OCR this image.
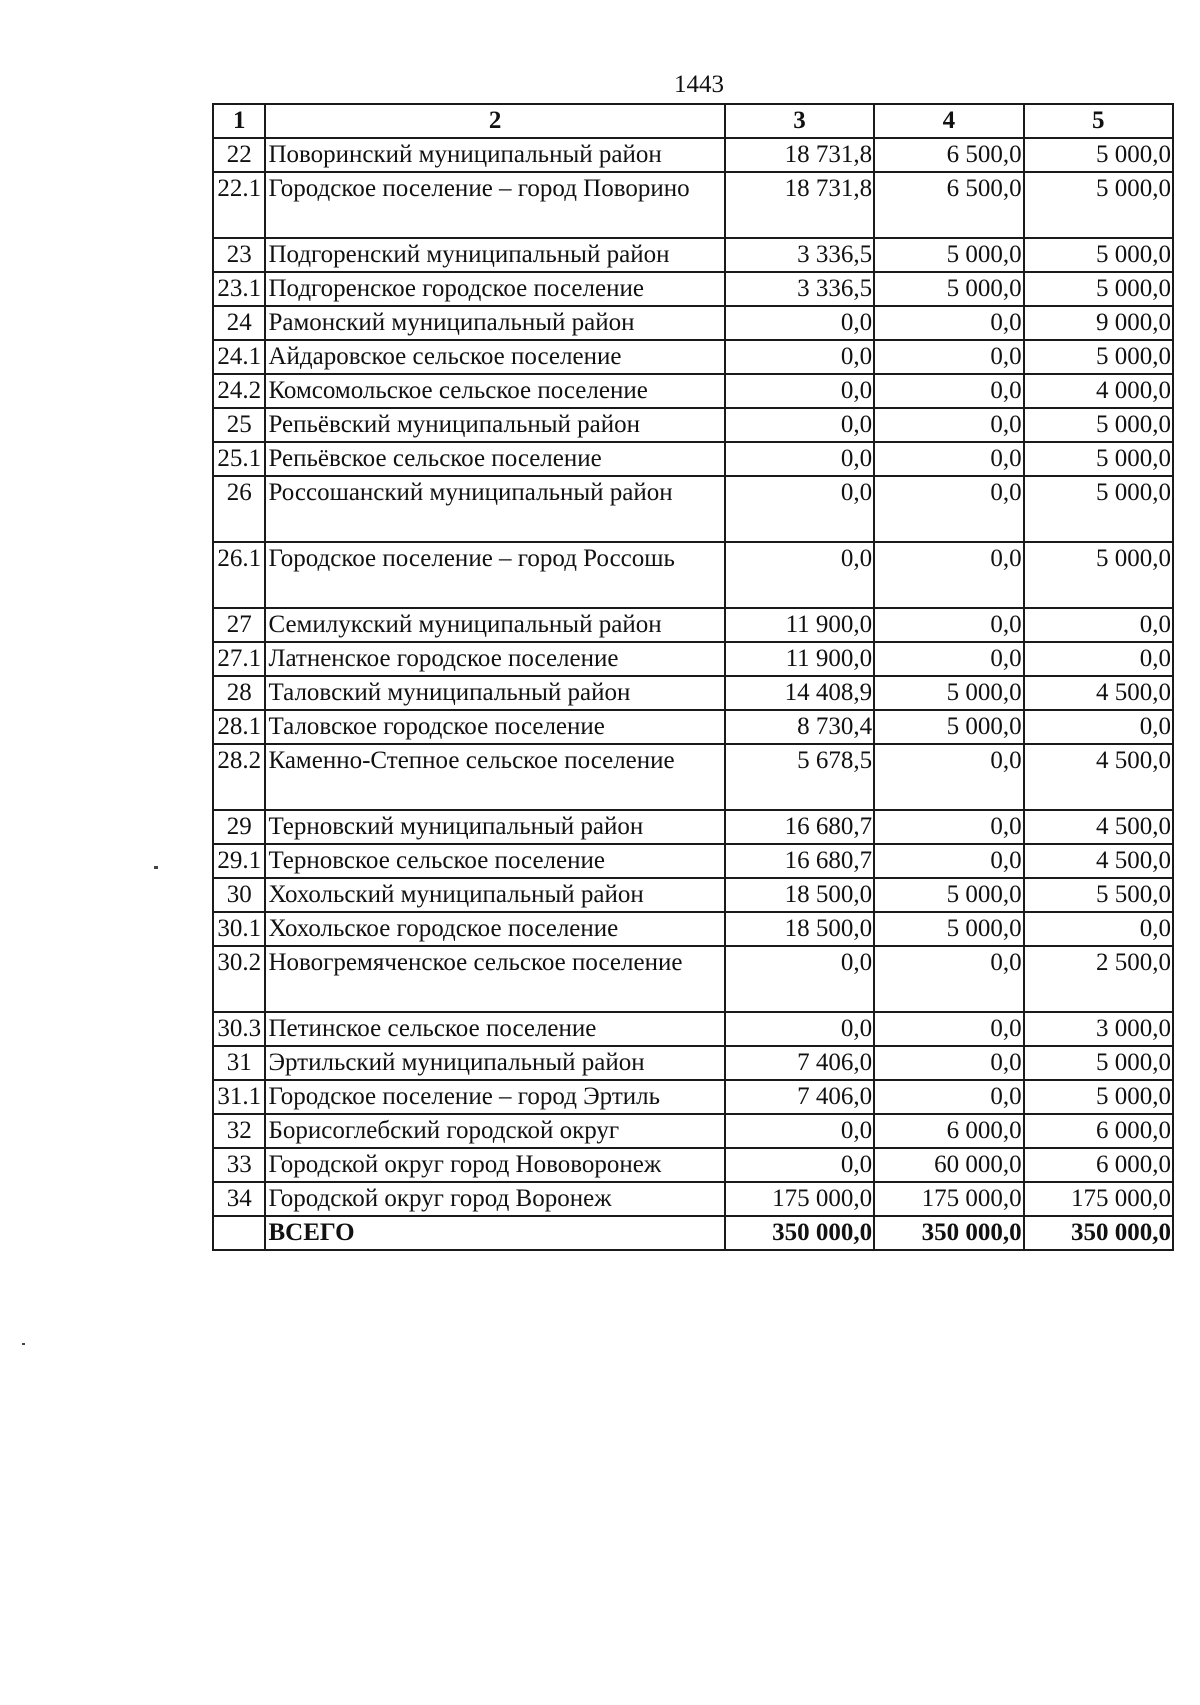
1443
1	2	3	4	5
22	Поворинский муниципальный район	18 731,8	6 500,0	5 000,0
22.1	Городское поселение – город Поворино	18 731,8	6 500,0	5 000,0
23	Подгоренский муниципальный район	3 336,5	5 000,0	5 000,0
23.1	Подгоренское городское поселение	3 336,5	5 000,0	5 000,0
24	Рамонский муниципальный район	0,0	0,0	9 000,0
24.1	Айдаровское сельское поселение	0,0	0,0	5 000,0
24.2	Комсомольское сельское поселение	0,0	0,0	4 000,0
25	Репьёвский муниципальный район	0,0	0,0	5 000,0
25.1	Репьёвское сельское поселение	0,0	0,0	5 000,0
26	Россошанский муниципальный район	0,0	0,0	5 000,0
26.1	Городское поселение – город Россошь	0,0	0,0	5 000,0
27	Семилукский муниципальный район	11 900,0	0,0	0,0
27.1	Латненское городское поселение	11 900,0	0,0	0,0
28	Таловский муниципальный район	14 408,9	5 000,0	4 500,0
28.1	Таловское городское поселение	8 730,4	5 000,0	0,0
28.2	Каменно-Степное сельское поселение	5 678,5	0,0	4 500,0
29	Терновский муниципальный район	16 680,7	0,0	4 500,0
29.1	Терновское сельское поселение	16 680,7	0,0	4 500,0
30	Хохольский муниципальный район	18 500,0	5 000,0	5 500,0
30.1	Хохольское городское поселение	18 500,0	5 000,0	0,0
30.2	Новогремяченское сельское поселение	0,0	0,0	2 500,0
30.3	Петинское сельское поселение	0,0	0,0	3 000,0
31	Эртильский муниципальный район	7 406,0	0,0	5 000,0
31.1	Городское поселение – город Эртиль	7 406,0	0,0	5 000,0
32	Борисоглебский городской округ	0,0	6 000,0	6 000,0
33	Городской округ город Нововоронеж	0,0	60 000,0	6 000,0
34	Городской округ город Воронеж	175 000,0	175 000,0	175 000,0
	ВСЕГО	350 000,0	350 000,0	350 000,0
